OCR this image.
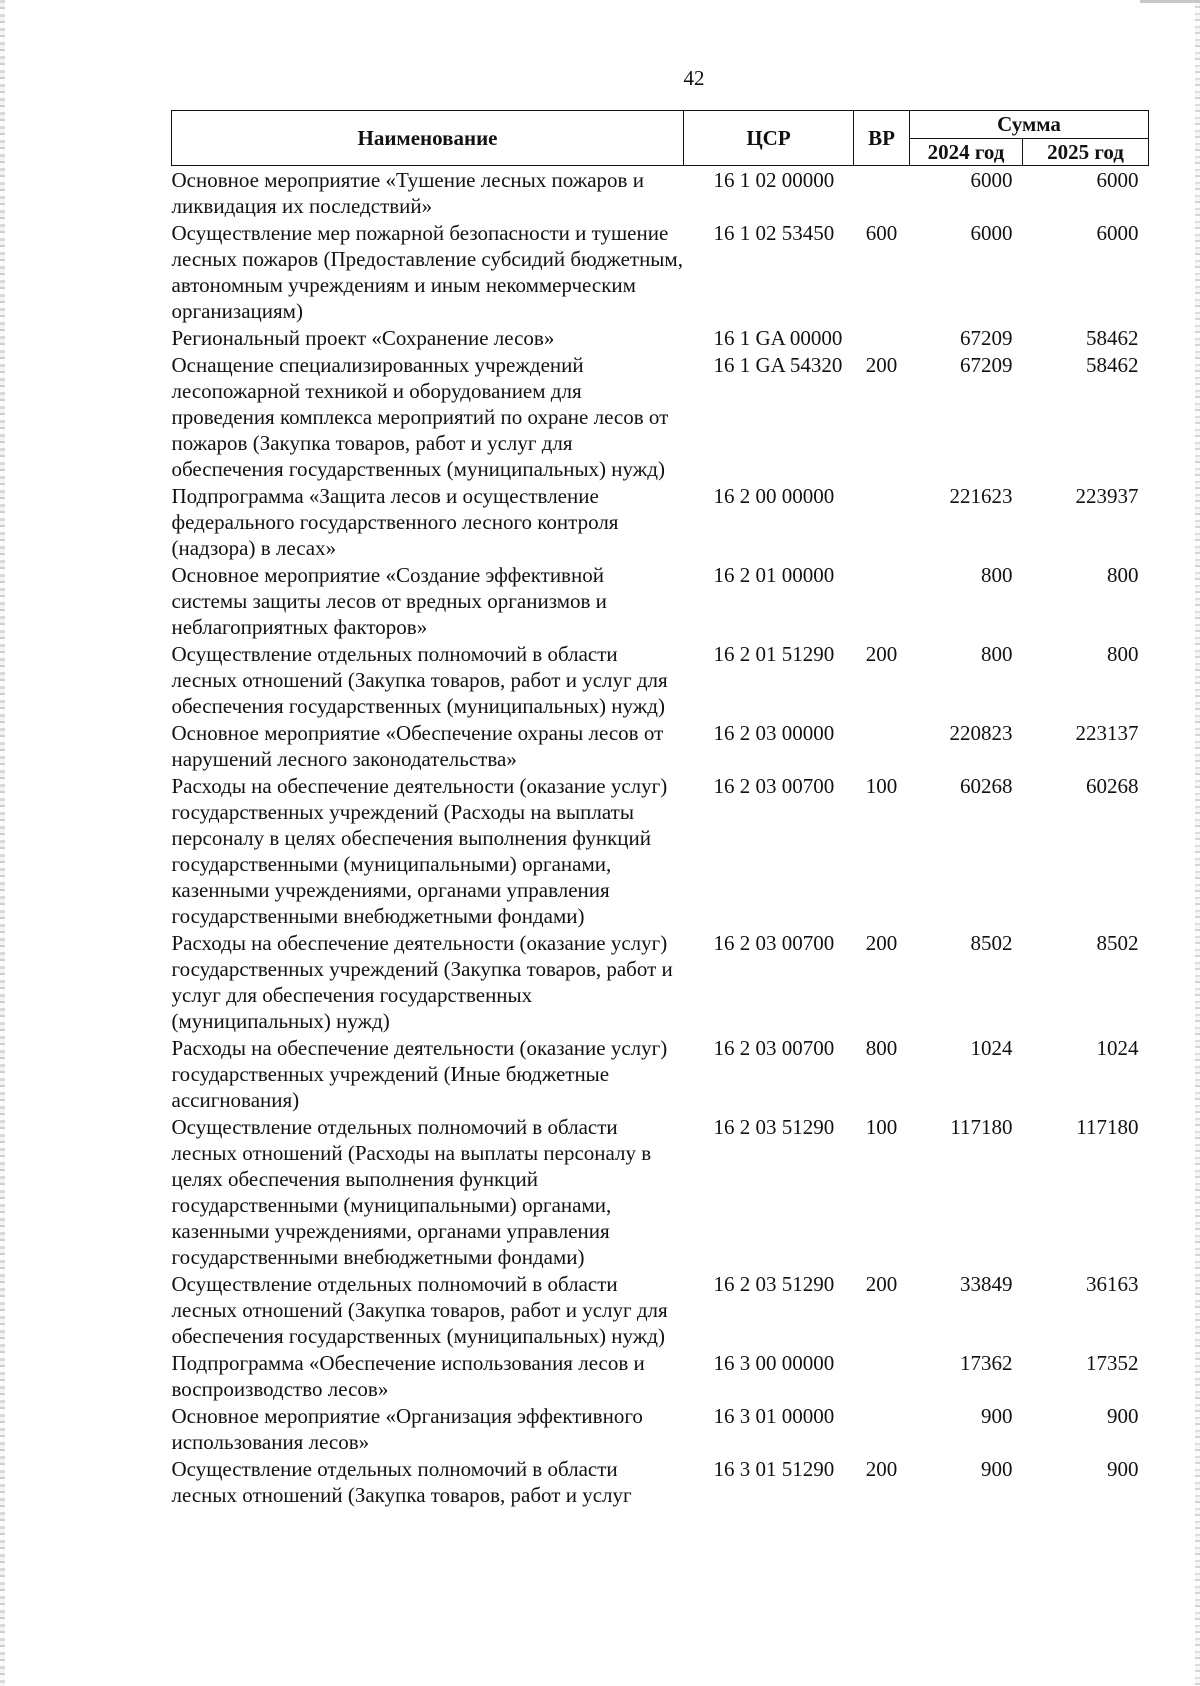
42
Наименование	ЦСР	ВР	Сумма	
			2024 год	2025 год
Основное мероприятие «Тушение лесных пожаров и ликвидация их последствий»	16 1 02 00000		6000	6000
Осуществление мер пожарной безопасности и тушение лесных пожаров (Предоставление субсидий бюджетным, автономным учреждениям и иным некоммерческим организациям)	16 1 02 53450	600	6000	6000
Региональный проект «Сохранение лесов»	16 1 GA 00000		67209	58462
Оснащение специализированных учреждений лесопожарной техникой и оборудованием для проведения комплекса мероприятий по охране лесов от пожаров (Закупка товаров, работ и услуг для обеспечения государственных (муниципальных) нужд)	16 1 GA 54320	200	67209	58462
Подпрограмма «Защита лесов и осуществление федерального государственного лесного контроля (надзора) в лесах»	16 2 00 00000		221623	223937
Основное мероприятие «Создание эффективной системы защиты лесов от вредных организмов и неблагоприятных факторов»	16 2 01 00000		800	800
Осуществление отдельных полномочий в области лесных отношений (Закупка товаров, работ и услуг для обеспечения государственных (муниципальных) нужд)	16 2 01 51290	200	800	800
Основное мероприятие «Обеспечение охраны лесов от нарушений лесного законодательства»	16 2 03 00000		220823	223137
Расходы на обеспечение деятельности (оказание услуг) государственных учреждений (Расходы на выплаты персоналу в целях обеспечения выполнения функций государственными (муниципальными) органами, казенными учреждениями, органами управления государственными внебюджетными фондами)	16 2 03 00700	100	60268	60268
Расходы на обеспечение деятельности (оказание услуг) государственных учреждений (Закупка товаров, работ и услуг для обеспечения государственных (муниципальных) нужд)	16 2 03 00700	200	8502	8502
Расходы на обеспечение деятельности (оказание услуг) государственных учреждений (Иные бюджетные ассигнования)	16 2 03 00700	800	1024	1024
Осуществление отдельных полномочий в области лесных отношений (Расходы на выплаты персоналу в целях обеспечения выполнения функций государственными (муниципальными) органами, казенными учреждениями, органами управления государственными внебюджетными фондами)	16 2 03 51290	100	117180	117180
Осуществление отдельных полномочий в области лесных отношений (Закупка товаров, работ и услуг для обеспечения государственных (муниципальных) нужд)	16 2 03 51290	200	33849	36163
Подпрограмма «Обеспечение использования лесов и воспроизводство лесов»	16 3 00 00000		17362	17352
Основное мероприятие «Организация эффективного использования лесов»	16 3 01 00000		900	900
Осуществление отдельных полномочий в области лесных отношений (Закупка товаров, работ и услуг	16 3 01 51290	200	900	900
